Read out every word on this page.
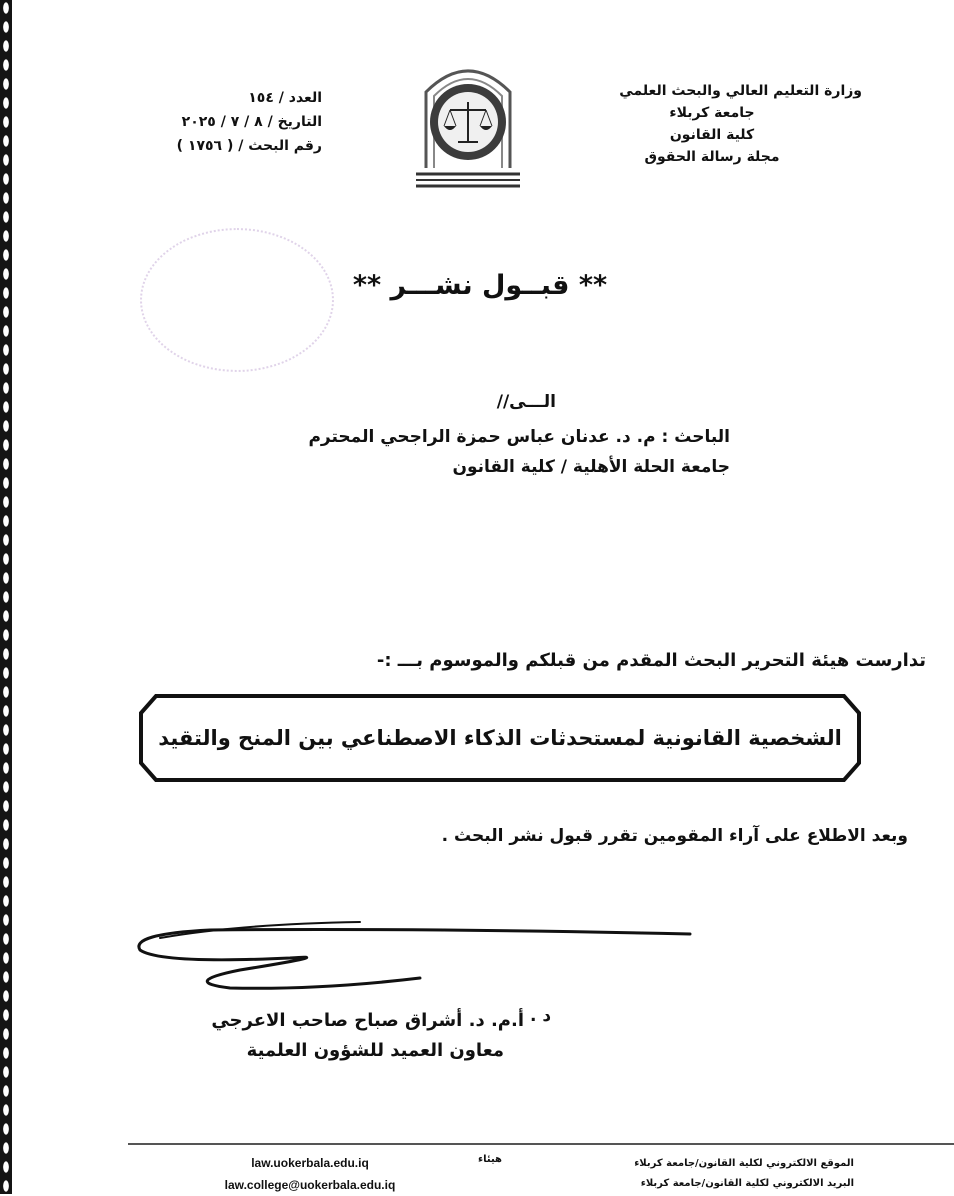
وزارة التعليم العالي والبحث العلمي
جامعة كربلاء
كلية القانون
مجلة رسالة الحقوق
العدد / ١٥٤
التاريخ / ٨ / ٧ / ٢٠٢٥
رقم البحث / ( ١٧٥٦ )
** قبــول نشـــر **
الـــى//
الباحث : م. د. عدنان عباس حمزة الراجحي المحترم
جامعة الحلة الأهلية / كلية القانون
تدارست هيئة التحرير البحث المقدم من قبلكم والموسوم بـــ :-
الشخصية القانونية لمستحدثات الذكاء الاصطناعي بين المنح والتقيد
وبعد الاطلاع على آراء المقومين تقرر قبول نشر البحث .
د .
أ.م. د. أشراق صباح صاحب الاعرجي
معاون العميد للشؤون العلمية
الموقع الالكتروني لكلية القانون/جامعة كربلاء
البريد الالكتروني لكلية القانون/جامعة كربلاء
هيئاء
law.uokerbala.edu.iq
law.college@uokerbala.edu.iq
